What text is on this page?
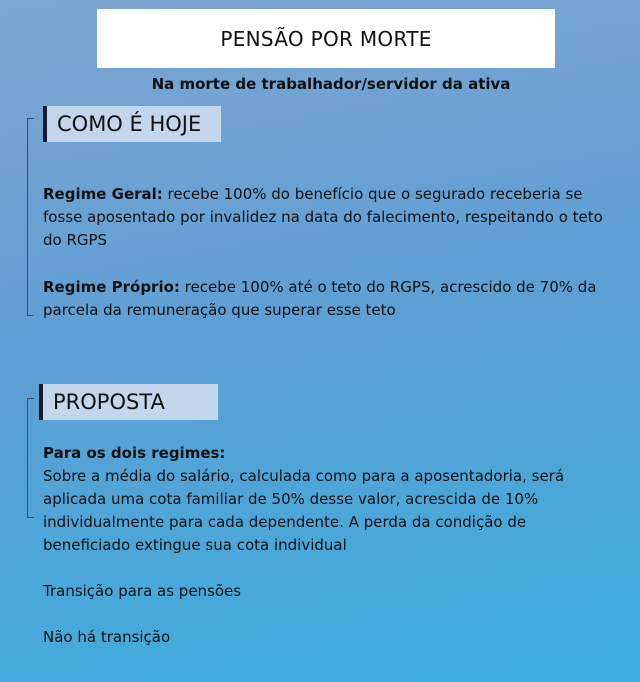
PENSÃO POR MORTE
Na morte de trabalhador/servidor da ativa
COMO É HOJE
Regime Geral: recebe 100% do benefício que o segurado receberia se fosse aposentado por invalidez na data do falecimento, respeitando o teto do RGPS
Regime Próprio: recebe 100% até o teto do RGPS, acrescido de 70% da parcela da remuneração que superar esse teto
PROPOSTA
Para os dois regimes:
Sobre a média do salário, calculada como para a aposentadoria, será aplicada uma cota familiar de 50% desse valor, acrescida de 10% individualmente para cada dependente. A perda da condição de beneficiado extingue sua cota individual
Transição para as pensões
Não há transição
